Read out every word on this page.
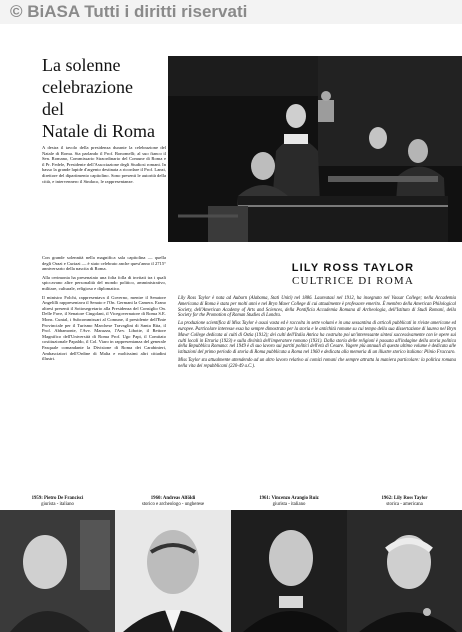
© BiASA Tutti i diritti riservati
La solenne
celebrazione
del
Natale di Roma
A destra il tavolo della presidenza durante la celebrazione del Natale di Roma. Sta parlando il Prof. Bonomelli; al suo fianco il Sen. Romano, Commissario Straordinario del Comune di Roma e il Pr. Fedele, Presidente dell'Associazione degli Studiosi romani. In basso la grande lapide d'argento destinata a ricordare il Prof. Lanzi, direttore del dipartimento capitolino. Sono presenti le autorità della città, e intervennero il Sindaco, le rappresentanze.

Con grande solennità nella magnifica sala capitolina — quella degli Orazi e Curiazi — è stato celebrato anche quest'anno il 2715° anniversario della nascita di Roma.

Alla cerimonia ha presenziato una folta folla di invitati tra i quali spiccavano altre personalità del mondo politico, amministrativo, militare, culturale, religioso e diplomatico.

Il ministro Folchi, rappresentava il Governo, mentre il Senatore Angelilli rappresentava il Senato e l'On. Germani la Camera. Erano altresì presenti il Sottosegretario alla Presidenza del Consiglio On. Delle Fave, il Senatore Cingolani, il Vicegovernatore di Roma S.E. Mons. Cunial, i Subcommissari al Comune, il presidente dell'Ente Provinciale per il Turismo Marchese Travaglini di Santa Rita, il Prof. Abbamonte, l'Avv. Marazza, l'Avv. Libotte, il Rettore Magnifico dell'Università di Roma Prof. Ugo Papi, il Comitato costituzionale Papaldo, il Col. Viaro in rappresentanza del generale Pasquale comandante la Divisione di Roma dei Carabinieri, Ambasciatori dell'Ordine di Malta e moltissimi altri cittadini illustri.

LILY ROSS TAYLOR
CULTRICE DI ROMA

Lily Ross Taylor è nata ad Auburn (Alabama, Stati Uniti) nel 1886. Laureatasi nel 1912, ha insegnato nel Vassar College; nella Accademia Americana di Roma è stata per molti anni e nel Bryn Mawr College di cui attualmente è professore emerito. È membro della American Philological Society, dell'American Academy of Arts and Sciences, della Pontificia Accademia Romana di Archeologia, dell'Istituto di Studi Romani, della Society for the Promotion of Roman Studies di Londra.

La produzione scientifica di Miss Taylor è assai vasta ed è raccolta in sette volumi e in una sessantina di articoli pubblicati in riviste americane ed europee. Particolare interesse essa ha sempre dimostrato per la storia e le antichità romane su cui tempo della sua dissertazione di laurea nel Bryn Mawr College dedicata ai culti di Ostia (1912); dei culti dell'Italia Antica ha costruito poi un'interessante sintesi successivamente con le opere sui culti locali in Etruria (1923) e sulla divinità dell'imperatore romano (1931). Dalla storia delle religioni è passata all'indagine della storia politica della Repubblica Romana: nel 1949 è di suo lavoro sui partiti politici dell'età di Cesare. Vagere più annuali di questo ultimo volume è dedicata alle istituzioni del primo periodo di storia di Roma pubblicata a Roma nel 1960 e dedicata alla memoria di un illustre storico italiano: Plinio Fraccaro.

Miss Taylor sta attualmente attendendo ad un altro lavoro relativo ai comizi romani che sempre attratta la maniera particolare: la politica romana nella vita dei repubblicani (220-49 a.C.).

1959: Pietro De Francisci
giurista - italiano
1960: Andreas Alföldi
storico e archeologo - ungherese
1961: Vincenzo Arangio Ruiz
giurista - italiano
1962: Lily Ross Taylor
storica - americana
